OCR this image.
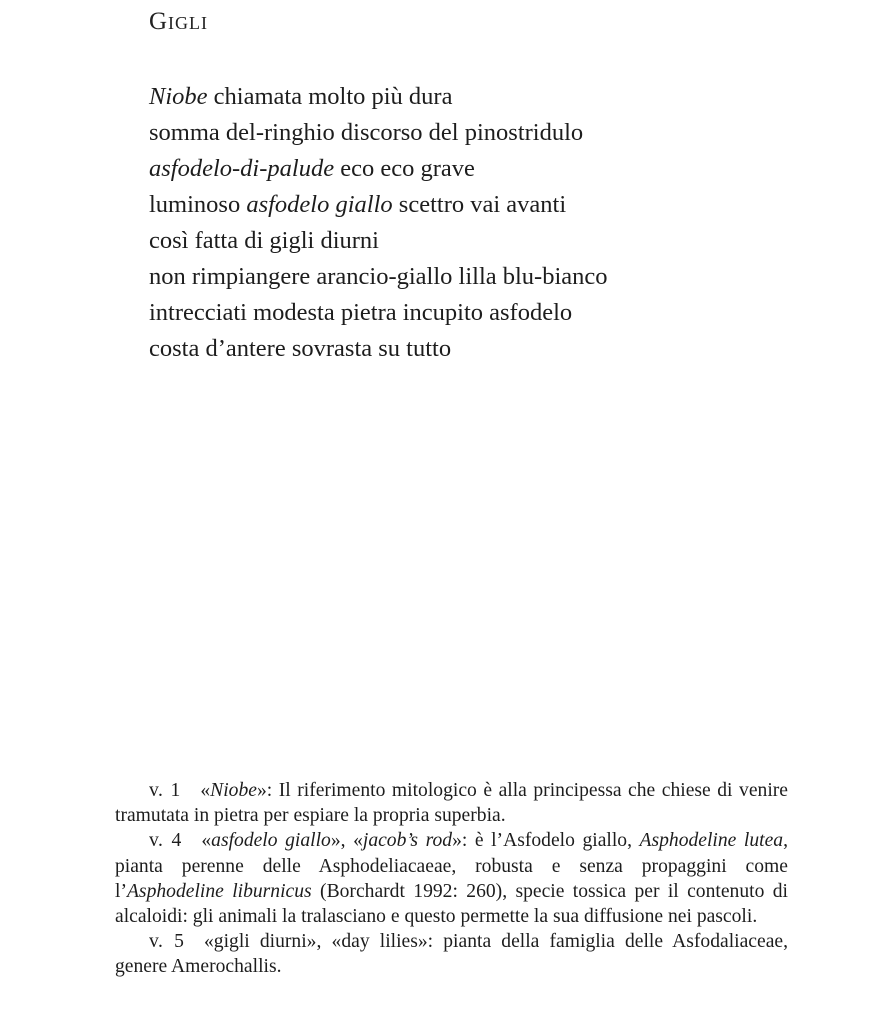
Gigli
Niobe chiamata molto più dura
somma del-ringhio discorso del pinostridulo
asfodelo-di-palude eco eco grave
luminoso asfodelo giallo scettro vai avanti
così fatta di gigli diurni
non rimpiangere arancio-giallo lilla blu-bianco
intrecciati modesta pietra incupito asfodelo
costa d’antere sovrasta su tutto

v. 1  «Niobe»: Il riferimento mitologico è alla principessa che chiese di venire tramutata in pietra per espiare la propria superbia.

v. 4  «asfodelo giallo», «jacob’s rod»: è l’Asfodelo giallo, Asphodeline lutea, pianta perenne delle Asphodeliacaeae, robusta e senza propaggini come l’Asphodeline liburnicus (Borchardt 1992: 260), specie tossica per il contenuto di alcaloidi: gli animali la tralasciano e questo permette la sua diffusione nei pascoli.

v. 5  «gigli diurni», «day lilies»: pianta della famiglia delle Asfodaliaceae, genere Amerochallis.
